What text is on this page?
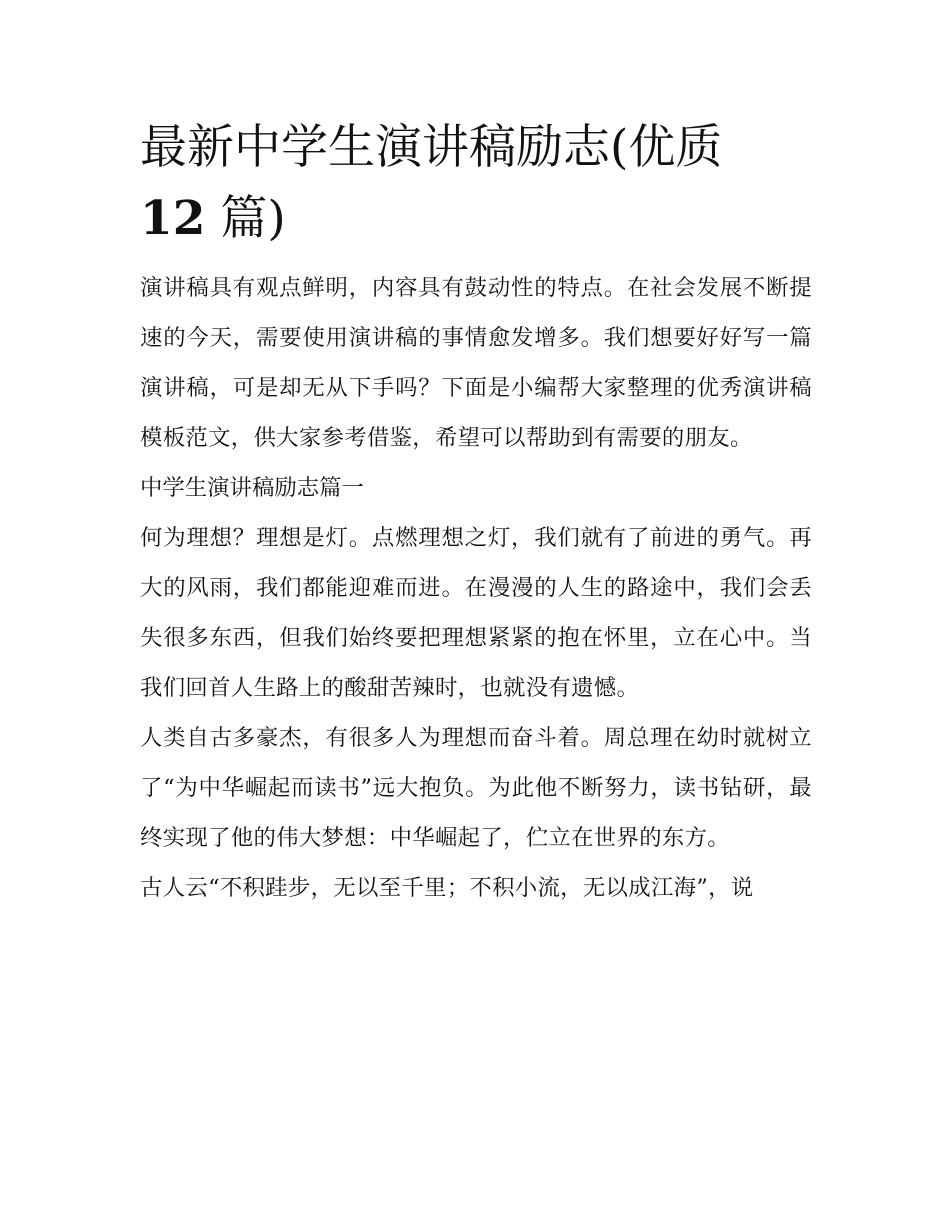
最新中学生演讲稿励志(优质
12 篇)

演讲稿具有观点鲜明，内容具有鼓动性的特点。在社会发展不断提速的今天，需要使用演讲稿的事情愈发增多。我们想要好好写一篇演讲稿，可是却无从下手吗？下面是小编帮大家整理的优秀演讲稿模板范文，供大家参考借鉴，希望可以帮助到有需要的朋友。

中学生演讲稿励志篇一

何为理想？理想是灯。点燃理想之灯，我们就有了前进的勇气。再大的风雨，我们都能迎难而进。在漫漫的人生的路途中，我们会丢失很多东西，但我们始终要把理想紧紧的抱在怀里，立在心中。当我们回首人生路上的酸甜苦辣时，也就没有遗憾。

人类自古多豪杰，有很多人为理想而奋斗着。周总理在幼时就树立了“为中华崛起而读书”远大抱负。为此他不断努力，读书钻研，最终实现了他的伟大梦想：中华崛起了，伫立在世界的东方。

古人云“不积跬步，无以至千里；不积小流，无以成江海”，说
